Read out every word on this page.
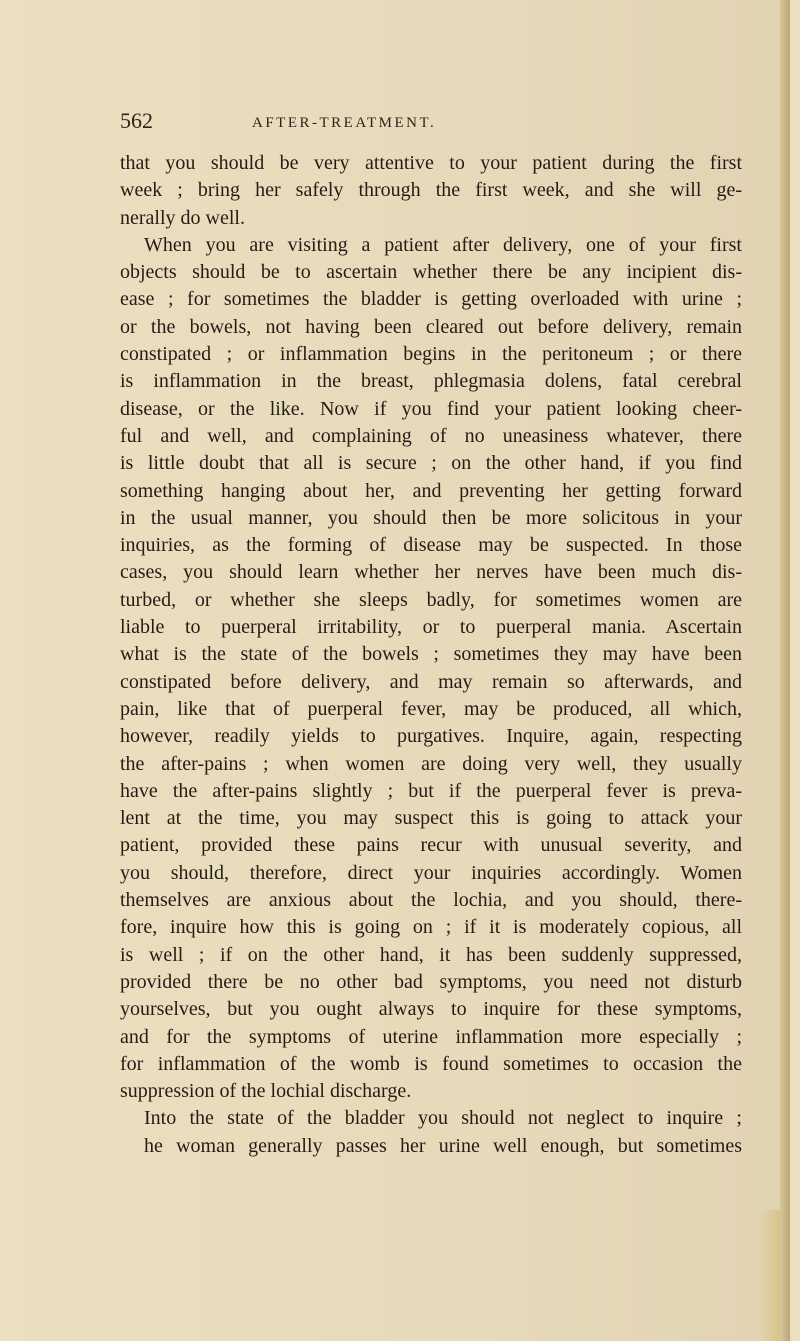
562	AFTER-TREATMENT.
that you should be very attentive to your patient during the first
week ; bring her safely through the first week, and she will ge-
nerally do well.
When you are visiting a patient after delivery, one of your first
objects should be to ascertain whether there be any incipient dis-
ease ; for sometimes the bladder is getting overloaded with urine ;
or the bowels, not having been cleared out before delivery, remain
constipated ; or inflammation begins in the peritoneum ; or there
is inflammation in the breast, phlegmasia dolens, fatal cerebral
disease, or the like. Now if you find your patient looking cheer-
ful and well, and complaining of no uneasiness whatever, there
is little doubt that all is secure ; on the other hand, if you find
something hanging about her, and preventing her getting forward
in the usual manner, you should then be more solicitous in your
inquiries, as the forming of disease may be suspected. In those
cases, you should learn whether her nerves have been much dis-
turbed, or whether she sleeps badly, for sometimes women are
liable to puerperal irritability, or to puerperal mania. Ascertain
what is the state of the bowels ; sometimes they may have been
constipated before delivery, and may remain so afterwards, and
pain, like that of puerperal fever, may be produced, all which,
however, readily yields to purgatives. Inquire, again, respecting
the after-pains ; when women are doing very well, they usually
have the after-pains slightly ; but if the puerperal fever is preva-
lent at the time, you may suspect this is going to attack your
patient, provided these pains recur with unusual severity, and
you should, therefore, direct your inquiries accordingly. Women
themselves are anxious about the lochia, and you should, there-
fore, inquire how this is going on ; if it is moderately copious, all
is well ; if on the other hand, it has been suddenly suppressed,
provided there be no other bad symptoms, you need not disturb
yourselves, but you ought always to inquire for these symptoms,
and for the symptoms of uterine inflammation more especially ;
for inflammation of the womb is found sometimes to occasion the
suppression of the lochial discharge.
Into the state of the bladder you should not neglect to inquire ;
he woman generally passes her urine well enough, but sometimes
